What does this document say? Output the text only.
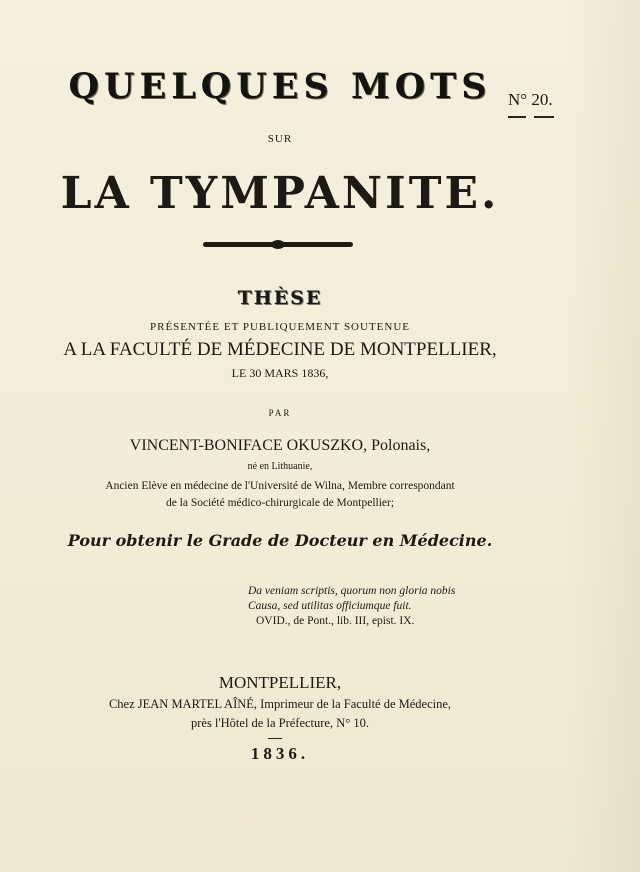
QUELQUES MOTS N° 20.
SUR
LA TYMPANITE.
THÈSE
PRÉSENTÉE ET PUBLIQUEMENT SOUTENUE
A LA FACULTÉ DE MÉDECINE DE MONTPELLIER,
LE 30 MARS 1836,
PAR
VINCENT-BONIFACE OKUSZKO, Polonais,
né en Lithuanie,
Ancien Elève en médecine de l'Université de Wilna, Membre correspondant
de la Société médico-chirurgicale de Montpellier;
Pour obtenir le Grade de Docteur en Médecine.
Da veniam scriptis, quorum non gloria nobis
Causa, sed utilitas officiumque fuit.
OVID., de Pont., lib. III, epist. IX.
MONTPELLIER,
Chez JEAN MARTEL AÎNÉ, Imprimeur de la Faculté de Médecine,
près l'Hôtel de la Préfecture, N° 10.
1836.
